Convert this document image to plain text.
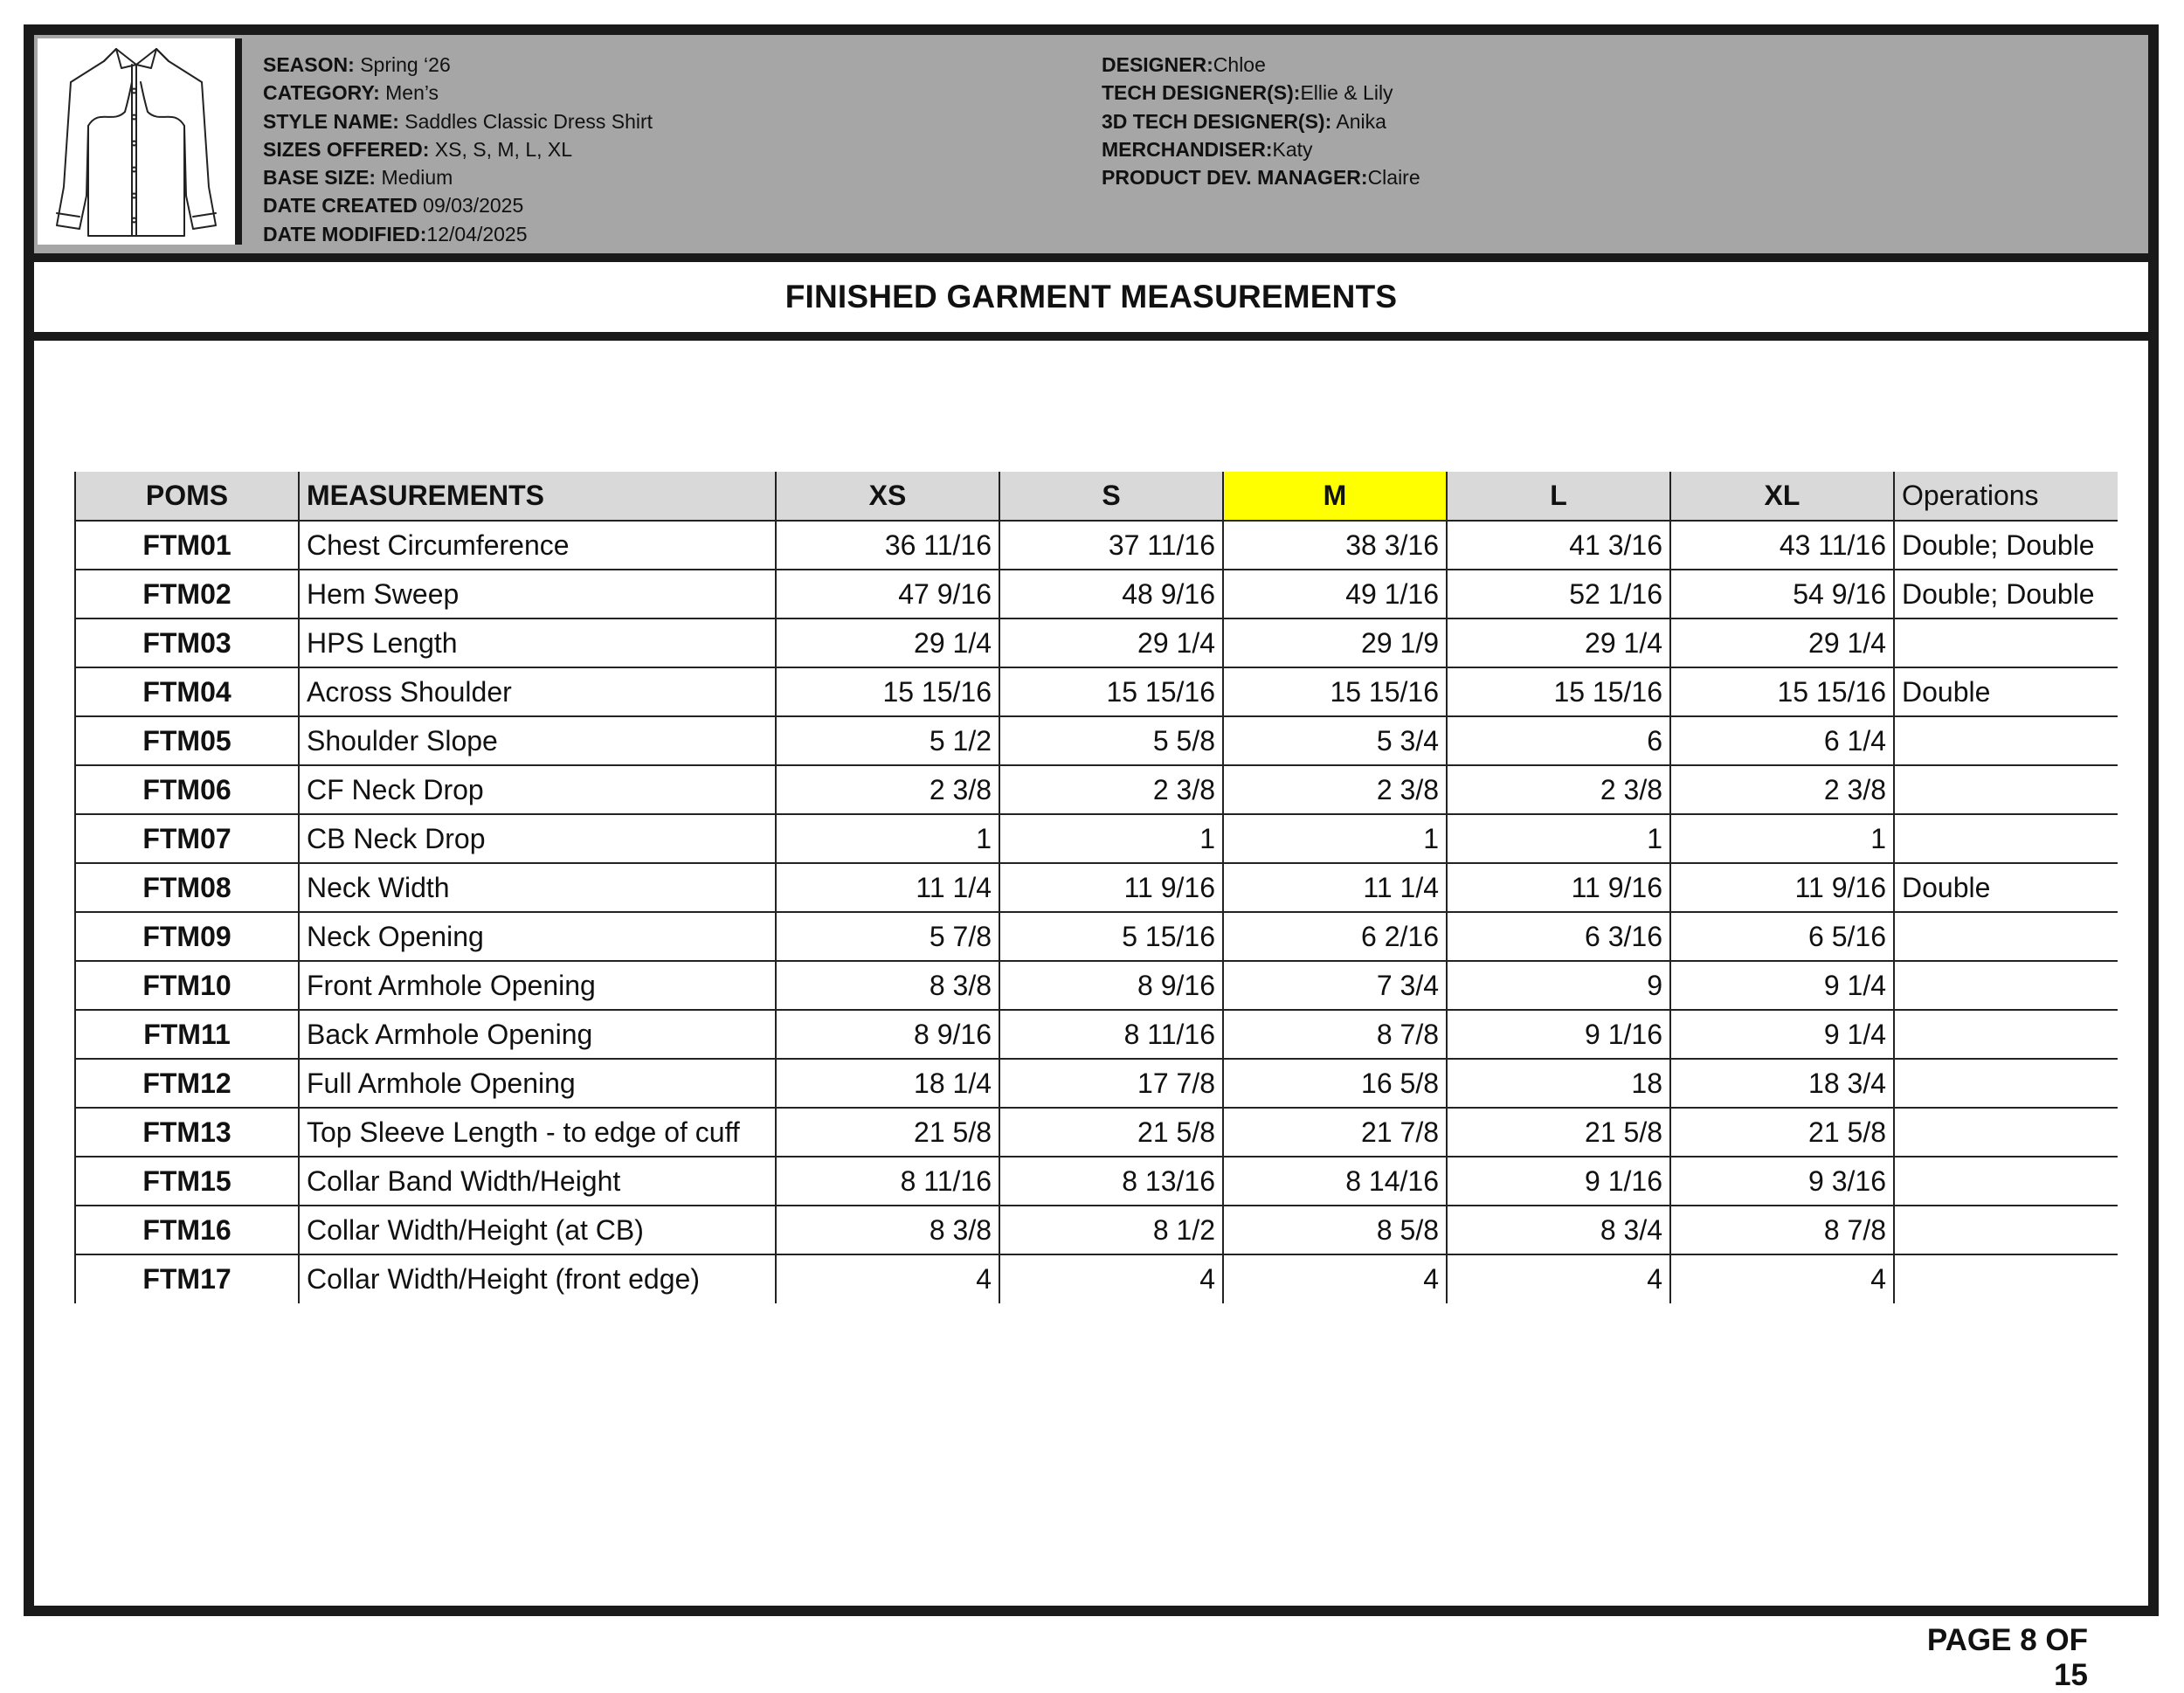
SEASON: Spring ‘26
CATEGORY: Men’s
STYLE NAME: Saddles Classic Dress Shirt
SIZES OFFERED: XS, S, M, L, XL
BASE SIZE: Medium
DATE CREATED 09/03/2025
DATE MODIFIED:12/04/2025
DESIGNER:Chloe
TECH DESIGNER(S):Ellie & Lily
3D TECH DESIGNER(S): Anika
MERCHANDISER:Katy
PRODUCT DEV. MANAGER:Claire
FINISHED GARMENT MEASUREMENTS
POMS	MEASUREMENTS	XS	S	M	L	XL	Operations
FTM01	Chest Circumference	36 11/16	37 11/16	38 3/16	41 3/16	43 11/16	Double; Double
FTM02	Hem Sweep	47 9/16	48 9/16	49 1/16	52 1/16	54 9/16	Double; Double
FTM03	HPS Length	29 1/4	29 1/4	29 1/9	29 1/4	29 1/4	
FTM04	Across Shoulder	15 15/16	15 15/16	15 15/16	15 15/16	15 15/16	Double
FTM05	Shoulder Slope	5 1/2	5 5/8	5 3/4	6	6 1/4	
FTM06	CF Neck Drop	2 3/8	2 3/8	2 3/8	2 3/8	2 3/8	
FTM07	CB Neck Drop	1	1	1	1	1	
FTM08	Neck Width	11 1/4	11 9/16	11 1/4	11 9/16	11 9/16	Double
FTM09	Neck Opening	5 7/8	5 15/16	6 2/16	6 3/16	6 5/16	
FTM10	Front Armhole Opening	8 3/8	8 9/16	7 3/4	9	9 1/4	
FTM11	Back Armhole Opening	8 9/16	8 11/16	8 7/8	9 1/16	9 1/4	
FTM12	Full Armhole Opening	18 1/4	17 7/8	16 5/8	18	18 3/4	
FTM13	Top Sleeve Length - to edge of cuff	21 5/8	21 5/8	21 7/8	21 5/8	21 5/8	
FTM15	Collar Band Width/Height	8 11/16	8 13/16	8 14/16	9 1/16	9 3/16	
FTM16	Collar Width/Height (at CB)	8 3/8	8 1/2	8 5/8	8 3/4	8 7/8	
FTM17	Collar Width/Height (front edge)	4	4	4	4	4	
PAGE 8 OF 15
